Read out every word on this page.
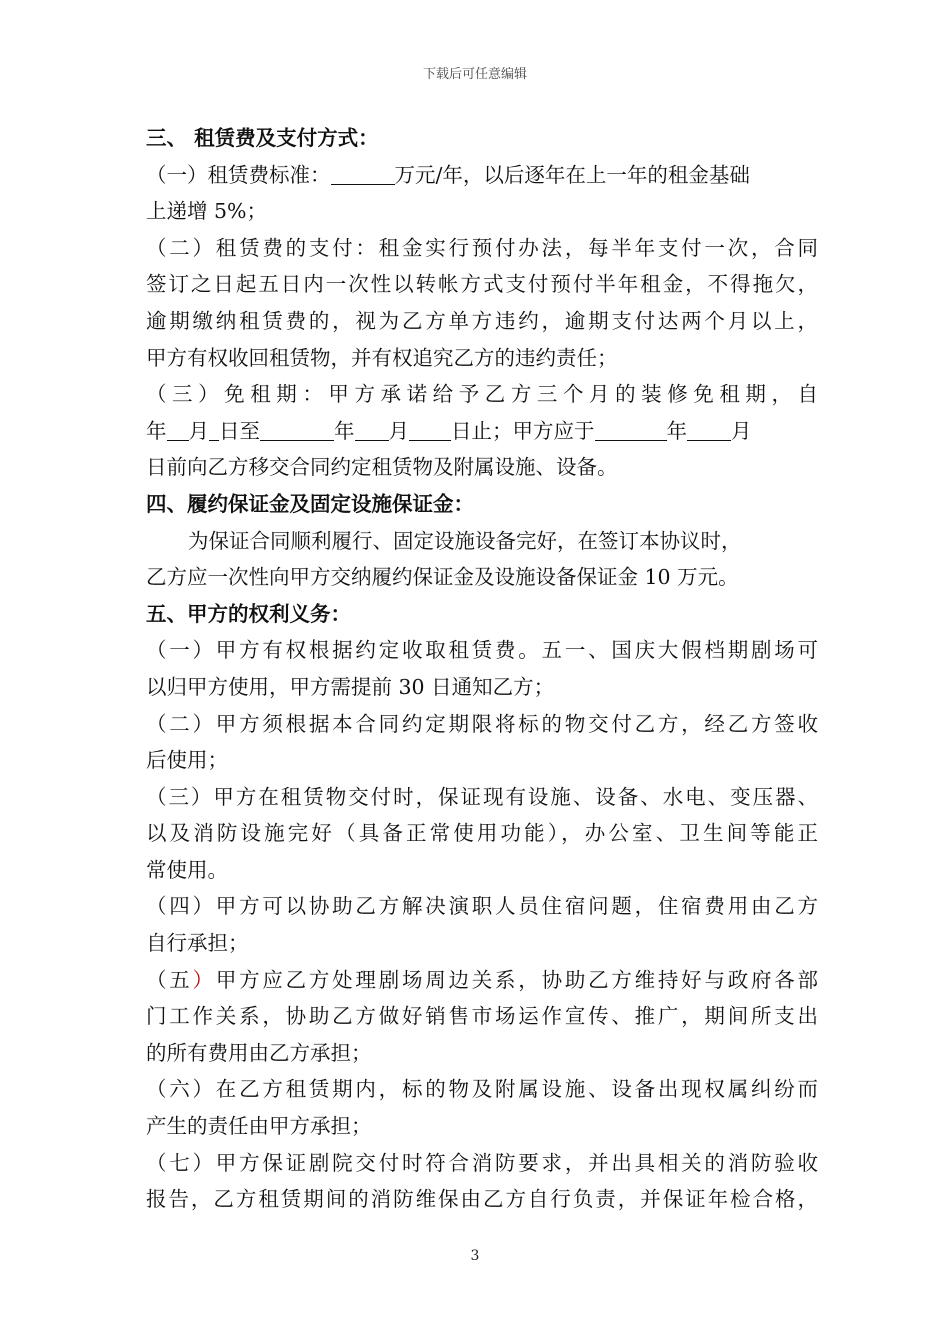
下载后可任意编辑
三、 租赁费及支付方式：
（一）租赁费标准：	万元/年，以后逐年在上一年的租金基础
上递增 5%；
（二）租赁费的支付：租金实行预付办法，每半年支付一次，合同
签订之日起五日内一次性以转帐方式支付预付半年租金，不得拖欠，
逾期缴纳租赁费的，视为乙方单方违约，逾期支付达两个月以上，
甲方有权收回租赁物，并有权追究乙方的违约责任；
（三）免租期：甲方承诺给予乙方三个月的装修免租期，自
年 月 日至	年 月 日止；甲方应于	年 月
日前向乙方移交合同约定租赁物及附属设施、设备。
四、履约保证金及固定设施保证金：
为保证合同顺利履行、固定设施设备完好，在签订本协议时，
乙方应一次性向甲方交纳履约保证金及设施设备保证金 10 万元。
五、甲方的权利义务：
（一）甲方有权根据约定收取租赁费。五一、国庆大假档期剧场可
以归甲方使用，甲方需提前 30 日通知乙方；
（二）甲方须根据本合同约定期限将标的物交付乙方，经乙方签收
后使用；
（三）甲方在租赁物交付时，保证现有设施、设备、水电、变压器、
以及消防设施完好（具备正常使用功能），办公室、卫生间等能正
常使用。
（四）甲方可以协助乙方解决演职人员住宿问题，住宿费用由乙方
自行承担；
（五）甲方应乙方处理剧场周边关系，协助乙方维持好与政府各部
门工作关系，协助乙方做好销售市场运作宣传、推广，期间所支出
的所有费用由乙方承担；
（六）在乙方租赁期内，标的物及附属设施、设备出现权属纠纷而
产生的责任由甲方承担；
（七）甲方保证剧院交付时符合消防要求，并出具相关的消防验收
报告，乙方租赁期间的消防维保由乙方自行负责，并保证年检合格，
3
